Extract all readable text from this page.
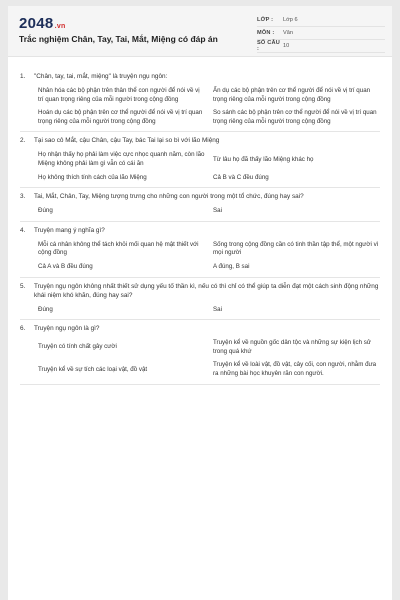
2048.vn
Trắc nghiệm Chân, Tay, Tai, Mắt, Miệng có đáp án
LỚP :	Lớp 6
MÔN :	Văn
SỐ CÂU :	10
1.	"Chân, tay, tai, mắt, miệng" là truyện ngụ ngôn:
Nhân hóa các bộ phận trên thân thể con người để nói về vị trí quan trọng riêng của mỗi người trong cộng đồng
Ẩn dụ các bộ phận trên cơ thể người để nói về vị trí quan trọng riêng của mỗi người trong cộng đồng
Hoán dụ các bộ phận trên cơ thể người để nói về vị trí quan trọng riêng của mỗi người trong cộng đồng
So sánh các bộ phận trên cơ thể người để nói về vị trí quan trọng riêng của mỗi người trong cộng đồng
2.	Tại sao cô Mắt, cậu Chân, cậu Tay, bác Tai lại so bì với lão Miệng
Họ nhận thấy họ phải làm việc cực nhọc quanh năm, còn lão Miệng không phải làm gì vẫn có cái ăn
Từ lâu họ đã thấy lão Miệng khác họ
Họ không thích tính cách của lão Miệng	Cả B và C đều đúng
3.	Tai, Mắt, Chân, Tay, Miệng tượng trưng cho những con người trong một tổ chức, đúng hay sai?
Đúng	Sai
4.	Truyện mang ý nghĩa gì?
Mỗi cá nhân không thể tách khỏi mối quan hệ mật thiết với cộng đồng
Sống trong cộng đồng cần có tinh thần tập thể, một người vì mọi người
Cả A và B đều đúng	A đúng, B sai
5.	Truyện ngụ ngôn không nhất thiết sử dụng yếu tố thần kì, nếu có thì chỉ có thể giúp ta diễn đạt một cách sinh động những khái niệm khó khăn, đúng hay sai?
Đúng	Sai
6.	Truyện ngụ ngôn là gì?
Truyện có tính chất gây cười
Truyện kể về nguồn gốc dân tộc và những sự kiện lịch sử trong quá khứ
Truyện kể về sự tích các loại vật, đồ vật
Truyện kể về loài vật, đồ vật, cây cối, con người, nhằm đưa ra những bài học khuyên răn con người.
